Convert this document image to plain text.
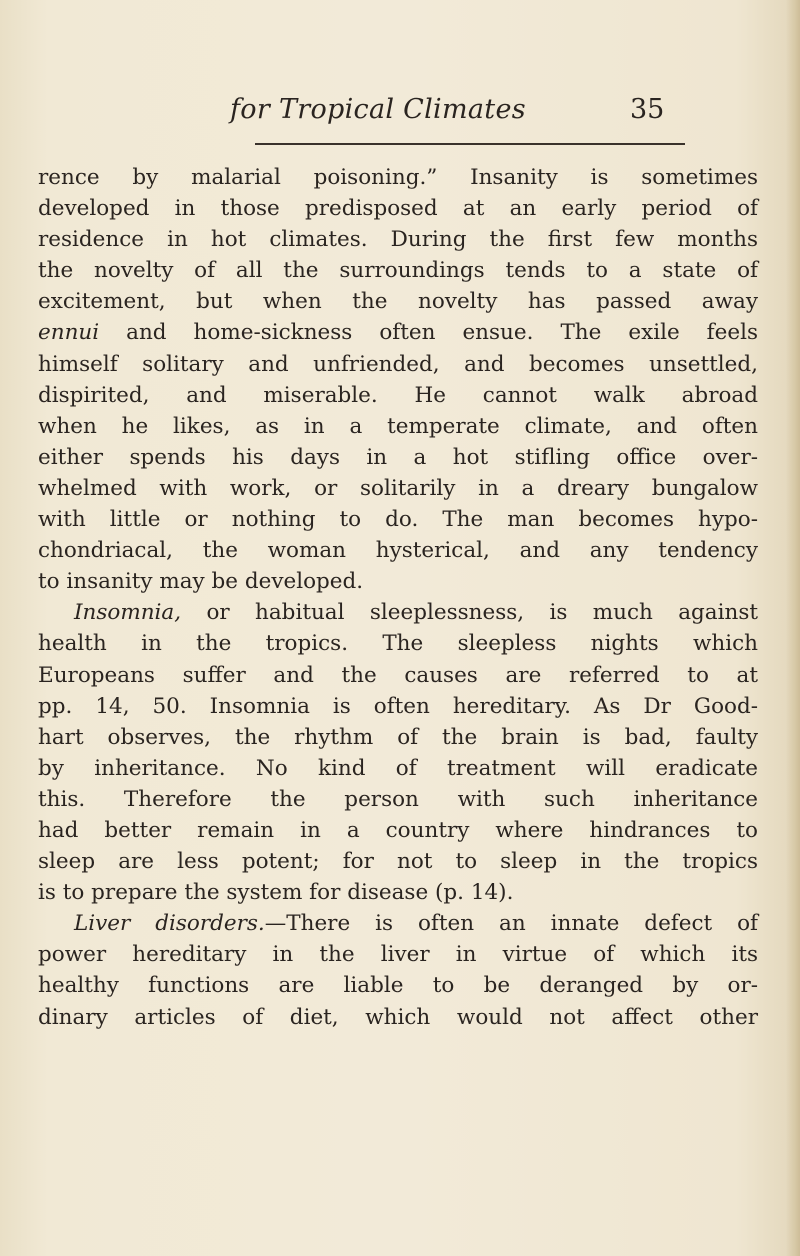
for Tropical Climates	35
rence by malarial poisoning.” Insanity is sometimes
developed in those predisposed at an early period of
residence in hot climates. During the first few months
the novelty of all the surroundings tends to a state of
excitement, but when the novelty has passed away
ennui and home-sickness often ensue. The exile feels
himself solitary and unfriended, and becomes unsettled,
dispirited, and miserable. He cannot walk abroad
when he likes, as in a temperate climate, and often
either spends his days in a hot stifling office over-
whelmed with work, or solitarily in a dreary bungalow
with little or nothing to do. The man becomes hypo-
chondriacal, the woman hysterical, and any tendency
to insanity may be developed.
Insomnia, or habitual sleeplessness, is much against
health in the tropics. The sleepless nights which
Europeans suffer and the causes are referred to at
pp. 14, 50. Insomnia is often hereditary. As Dr Good-
hart observes, the rhythm of the brain is bad, faulty
by inheritance. No kind of treatment will eradicate
this. Therefore the person with such inheritance
had better remain in a country where hindrances to
sleep are less potent; for not to sleep in the tropics
is to prepare the system for disease (p. 14).
Liver disorders.—There is often an innate defect of
power hereditary in the liver in virtue of which its
healthy functions are liable to be deranged by or-
dinary articles of diet, which would not affect other
